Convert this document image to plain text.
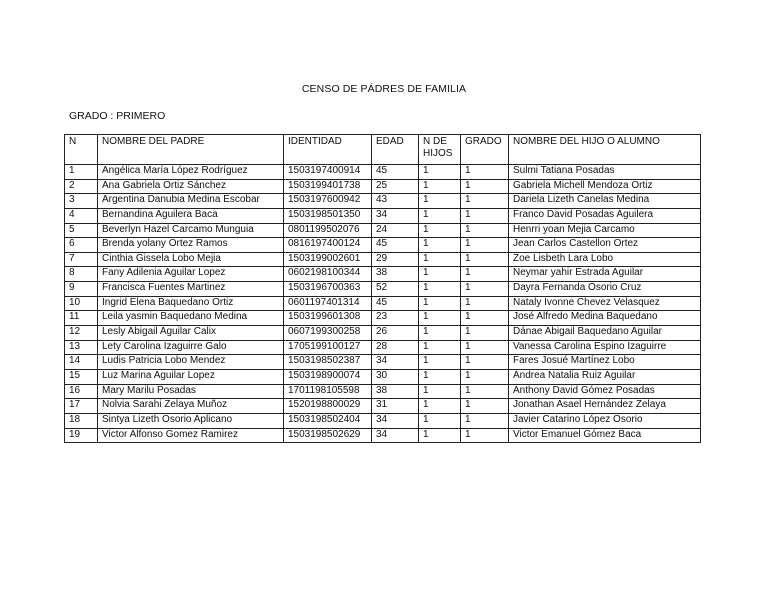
CENSO DE PÁDRES DE FAMILIA
GRADO : PRIMERO
N	NOMBRE DEL PADRE	IDENTIDAD	EDAD	N DE HIJOS	GRADO	NOMBRE DEL HIJO O ALUMNO
1	Angélica María López Rodríguez	1503197400914	45	1	1	Sulmi Tatiana Posadas
2	Ana Gabriela Ortiz Sánchez	1503199401738	25	1	1	Gabriela Michell Mendoza Ortiz
3	Argentina Danubia Medina Escobar	1503197600942	43	1	1	Dariela Lizeth Canelas Medina
4	Bernandina Aguilera Baca	1503198501350	34	1	1	Franco David Posadas Aguilera
5	Beverlyn Hazel Carcamo Munguia	0801199502076	24	1	1	Henrri yoan Mejia Carcamo
6	Brenda yolany Ortez Ramos	0816197400124	45	1	1	Jean Carlos Castellon Ortez
7	Cinthia Gissela Lobo Mejia	1503199002601	29	1	1	Zoe Lisbeth Lara Lobo
8	Fany Adilenia Aguilar Lopez	0602198100344	38	1	1	Neymar yahir Estrada Aguilar
9	Francisca Fuentes Martinez	1503196700363	52	1	1	Dayra Fernanda Osorio Cruz
10	Ingrid Elena Baquedano Ortiz	0601197401314	45	1	1	Nataly Ivonne Chevez Velasquez
11	Leila yasmin Baquedano Medina	1503199601308	23	1	1	José Alfredo Medina Baquedano
12	Lesly Abigail Aguilar Calix	0607199300258	26	1	1	Dánae Abigail Baquedano Aguilar
13	Lety Carolina Izaguirre Galo	1705199100127	28	1	1	Vanessa Carolina Espino Izaguirre
14	Ludis Patricia Lobo Mendez	1503198502387	34	1	1	Fares Josué Martínez Lobo
15	Luz Marina Aguilar Lopez	1503198900074	30	1	1	Andrea Natalia Ruiz Aguilar
16	Mary Marilu Posadas	1701198105598	38	1	1	Anthony David Gómez Posadas
17	Nolvia Sarahi Zelaya Muñoz	1520198800029	31	1	1	Jonathan Asael Hernández Zelaya
18	Sintya Lizeth Osorio Aplicano	1503198502404	34	1	1	Javier Catarino López Osorio
19	Victor Alfonso Gomez Ramirez	1503198502629	34	1	1	Victor Emanuel Gómez Baca
